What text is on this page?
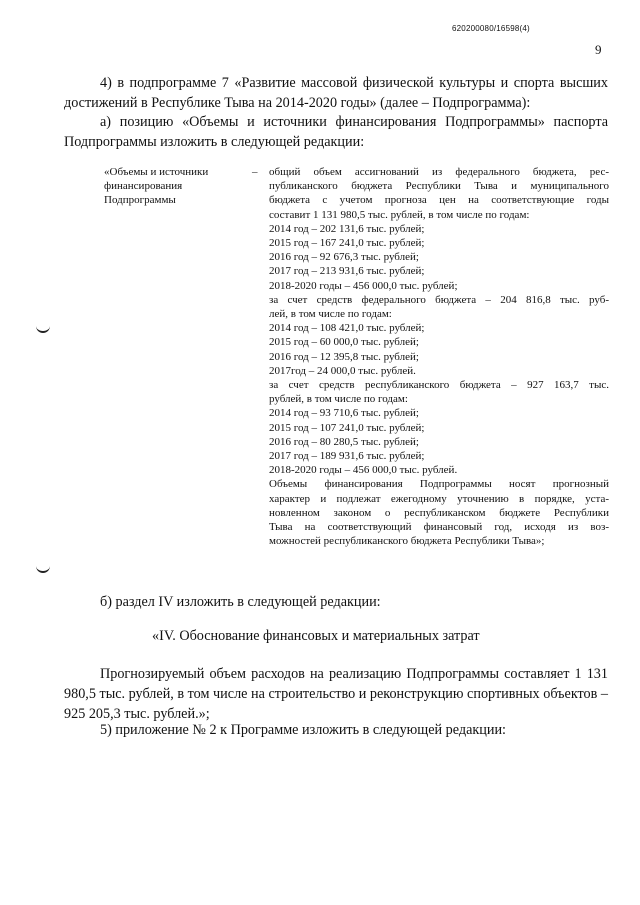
620200080/16598(4)
9
4) в подпрограмме 7 «Развитие массовой физической культуры и спорта высших достижений в Республике Тыва на 2014-2020 годы» (далее – Подпрограмма):
а) позицию «Объемы и источники финансирования Подпрограммы» паспорта Подпрограммы изложить в следующей редакции:
«Объемы и источники финансирования Подпрограммы
– общий объем ассигнований из федерального бюджета, рес-
публиканского бюджета Республики Тыва и муниципального
бюджета с учетом прогноза цен на соответствующие годы
составит 1 131 980,5 тыс. рублей, в том числе по годам:
2014 год – 202 131,6 тыс. рублей;
2015 год – 167 241,0 тыс. рублей;
2016 год – 92 676,3 тыс. рублей;
2017 год – 213 931,6 тыс. рублей;
2018-2020 годы – 456 000,0 тыс. рублей;
за счет средств федерального бюджета – 204 816,8 тыс. руб-
лей, в том числе по годам:
2014 год – 108 421,0 тыс. рублей;
2015 год – 60 000,0 тыс. рублей;
2016 год – 12 395,8 тыс. рублей;
2017год – 24 000,0 тыс. рублей.
за счет средств республиканского бюджета – 927 163,7 тыс.
рублей, в том числе по годам:
2014 год – 93 710,6 тыс. рублей;
2015 год – 107 241,0 тыс. рублей;
2016 год – 80 280,5 тыс. рублей;
2017 год – 189 931,6 тыс. рублей;
2018-2020 годы – 456 000,0 тыс. рублей.
Объемы финансирования Подпрограммы носят прогнозный
характер и подлежат ежегодному уточнению в порядке, уста-
новленном законом о республиканском бюджете Республики
Тыва на соответствующий финансовый год, исходя из воз-
можностей республиканского бюджета Республики Тыва»;
б) раздел IV изложить в следующей редакции:
«IV. Обоснование финансовых и материальных затрат
Прогнозируемый объем расходов на реализацию Подпрограммы составляет 1 131 980,5 тыс. рублей, в том числе на строительство и реконструкцию спортивных объектов – 925 205,3 тыс. рублей.»;
5) приложение № 2 к Программе изложить в следующей редакции:
